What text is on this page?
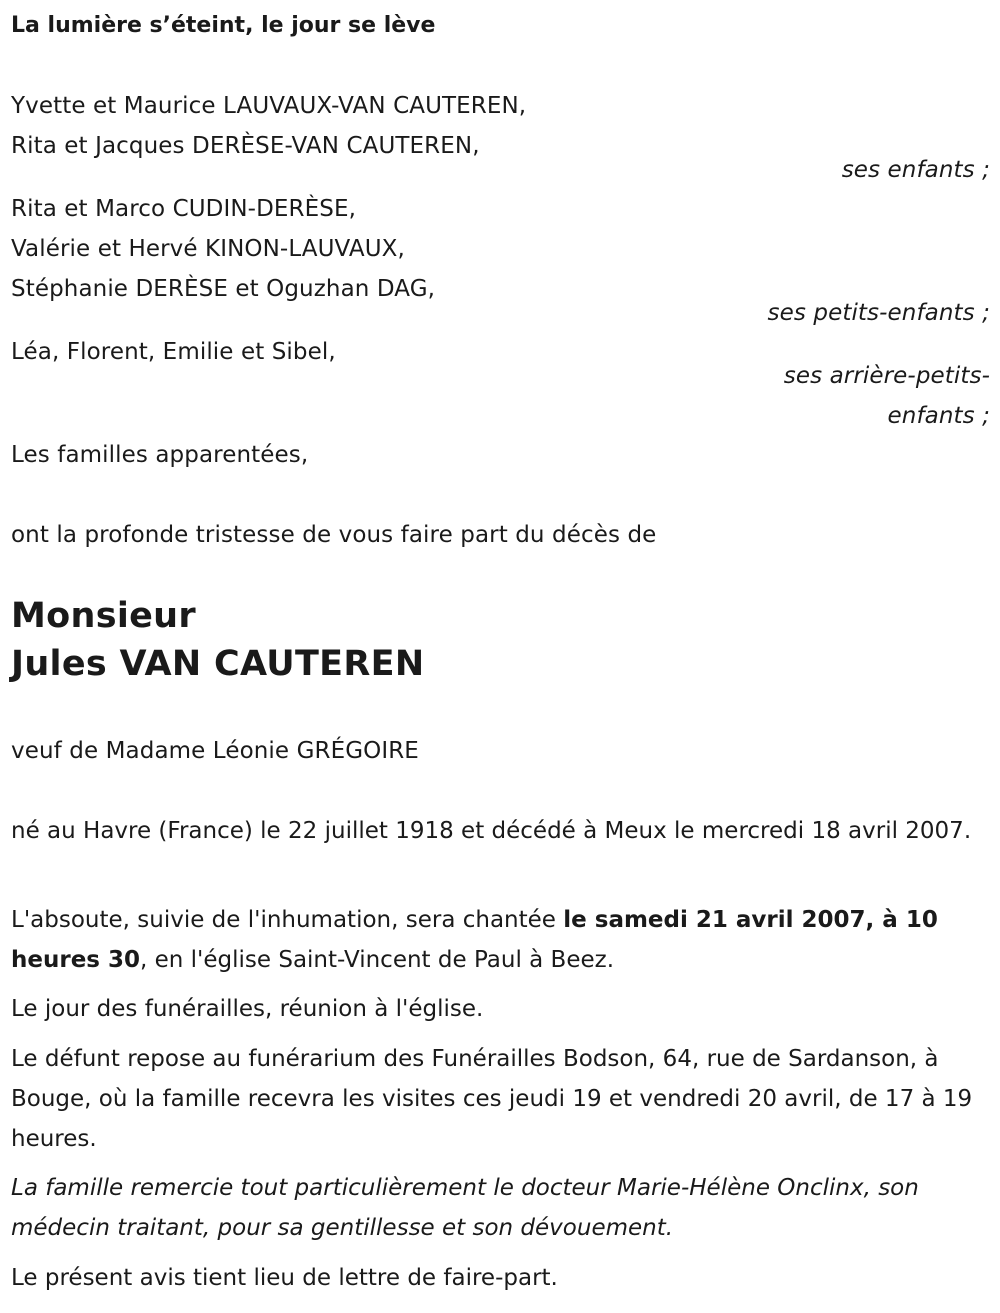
La lumière s’éteint, le jour se lève
Yvette et Maurice LAUVAUX-VAN CAUTEREN,
Rita et Jacques DERÈSE-VAN CAUTEREN,
ses enfants ;
Rita et Marco CUDIN-DERÈSE,
Valérie et Hervé KINON-LAUVAUX,
Stéphanie DERÈSE et Oguzhan DAG,
ses petits-enfants ;
Léa, Florent, Emilie et Sibel,
ses arrière-petits-
enfants ;
Les familles apparentées,
ont la profonde tristesse de vous faire part du décès de
Monsieur
Jules VAN CAUTEREN
veuf de Madame Léonie GRÉGOIRE

né au Havre (France) le 22 juillet 1918 et décédé à Meux le mercredi 18 avril 2007.

L'absoute, suivie de l'inhumation, sera chantée le samedi 21 avril 2007, à 10 heures 30, en l'église Saint-Vincent de Paul à Beez.

Le jour des funérailles, réunion à l'église.

Le défunt repose au funérarium des Funérailles Bodson, 64, rue de Sardanson, à Bouge, où la famille recevra les visites ces jeudi 19 et vendredi 20 avril, de 17 à 19 heures.

La famille remercie tout particulièrement le docteur Marie-Hélène Onclinx, son médecin traitant, pour sa gentillesse et son dévouement.

Le présent avis tient lieu de lettre de faire-part.
